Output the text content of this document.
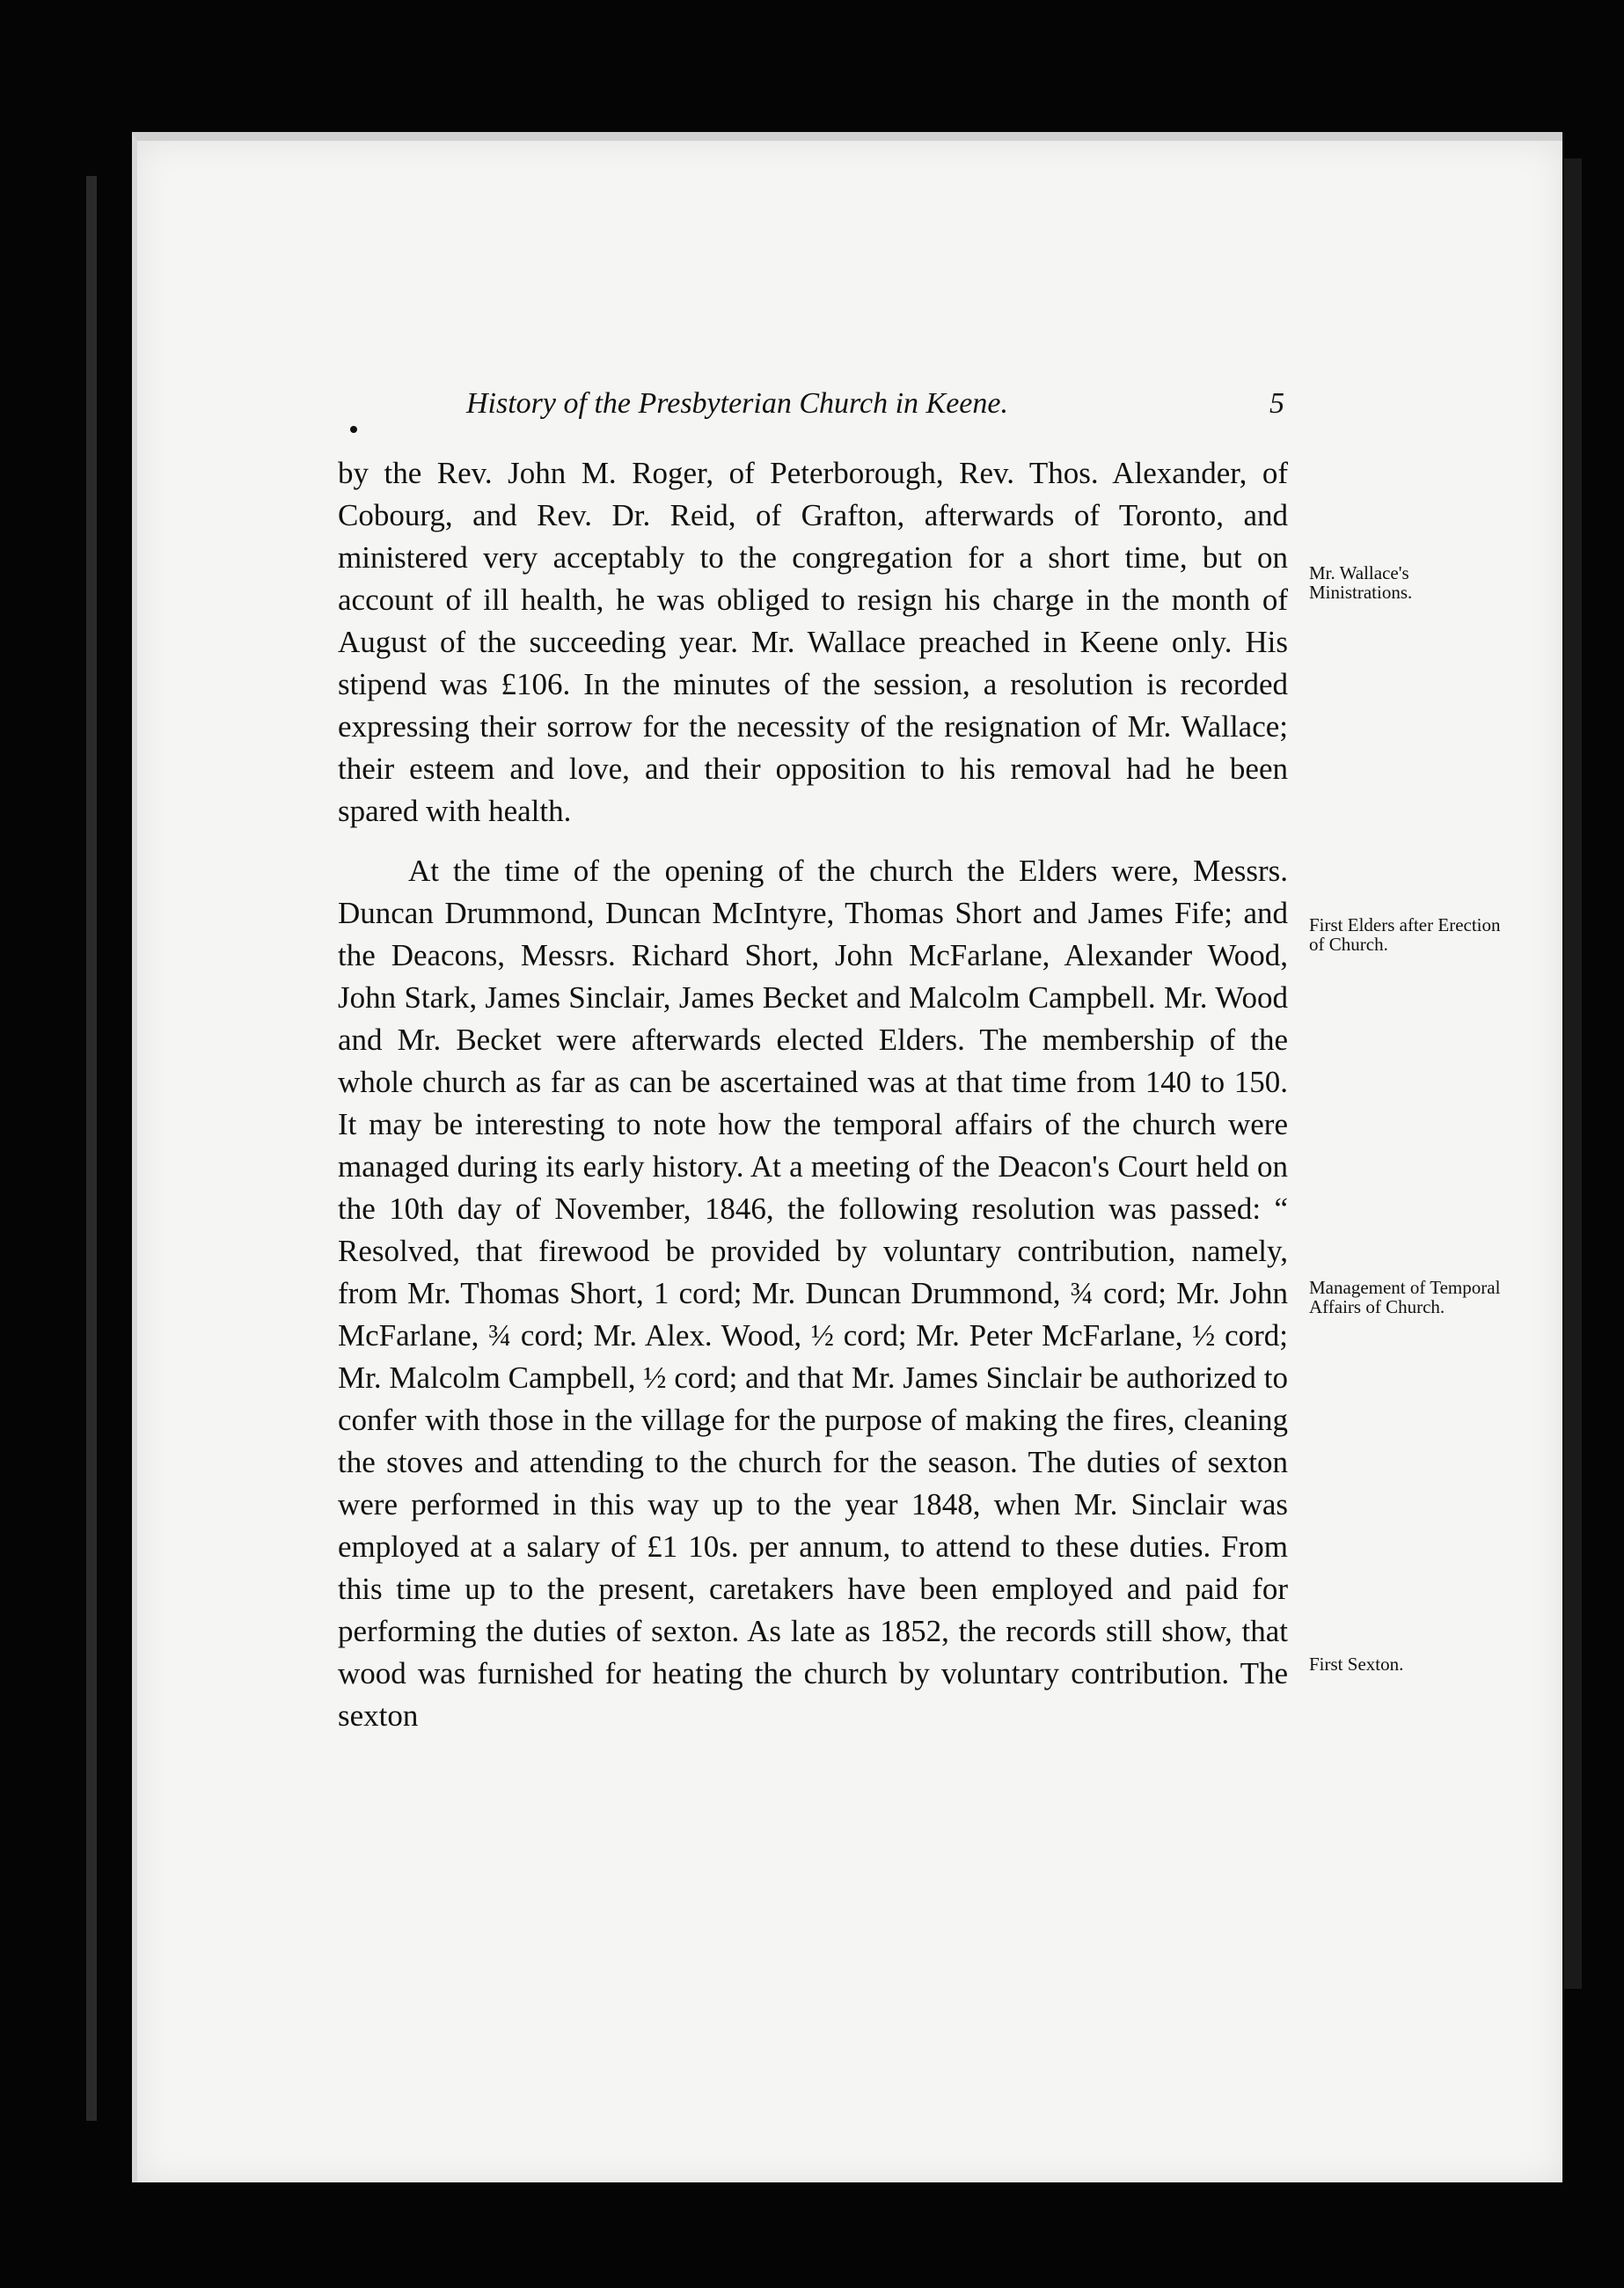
History of the Presbyterian Church in Keene.	5

by the Rev. John M. Roger, of Peterborough, Rev. Thos. Alexander, of Cobourg, and Rev. Dr. Reid, of Grafton, afterwards of Toronto, and ministered very acceptably to the congregation for a short time, but on account of ill health, he was obliged to resign his charge in the month of August of the succeeding year. Mr. Wallace preached in Keene only. His stipend was £106. In the minutes of the session, a resolution is recorded expressing their sorrow for the necessity of the resignation of Mr. Wallace; their esteem and love, and their opposition to his removal had he been spared with health.

At the time of the opening of the church the Elders were, Messrs. Duncan Drummond, Duncan McIntyre, Thomas Short and James Fife; and the Deacons, Messrs. Richard Short, John McFarlane, Alexander Wood, John Stark, James Sinclair, James Becket and Malcolm Campbell. Mr. Wood and Mr. Becket were afterwards elected Elders. The membership of the whole church as far as can be ascertained was at that time from 140 to 150. It may be interesting to note how the temporal affairs of the church were managed during its early history. At a meeting of the Deacon's Court held on the 10th day of November, 1846, the following resolution was passed: “ Resolved, that firewood be provided by voluntary contribution, namely, from Mr. Thomas Short, 1 cord; Mr. Duncan Drummond, ¾ cord; Mr. John McFarlane, ¾ cord; Mr. Alex. Wood, ½ cord; Mr. Peter McFarlane, ½ cord; Mr. Malcolm Campbell, ½ cord; and that Mr. James Sinclair be authorized to confer with those in the village for the purpose of making the fires, cleaning the stoves and attending to the church for the season. The duties of sexton were performed in this way up to the year 1848, when Mr. Sinclair was employed at a salary of £1 10s. per annum, to attend to these duties. From this time up to the present, caretakers have been employed and paid for performing the duties of sexton. As late as 1852, the records still show, that wood was furnished for heating the church by voluntary contribution. The sexton

Mr. Wallace's Ministrations.
First Elders after Erection of Church.
Management of Temporal Affairs of Church.
First Sexton.
